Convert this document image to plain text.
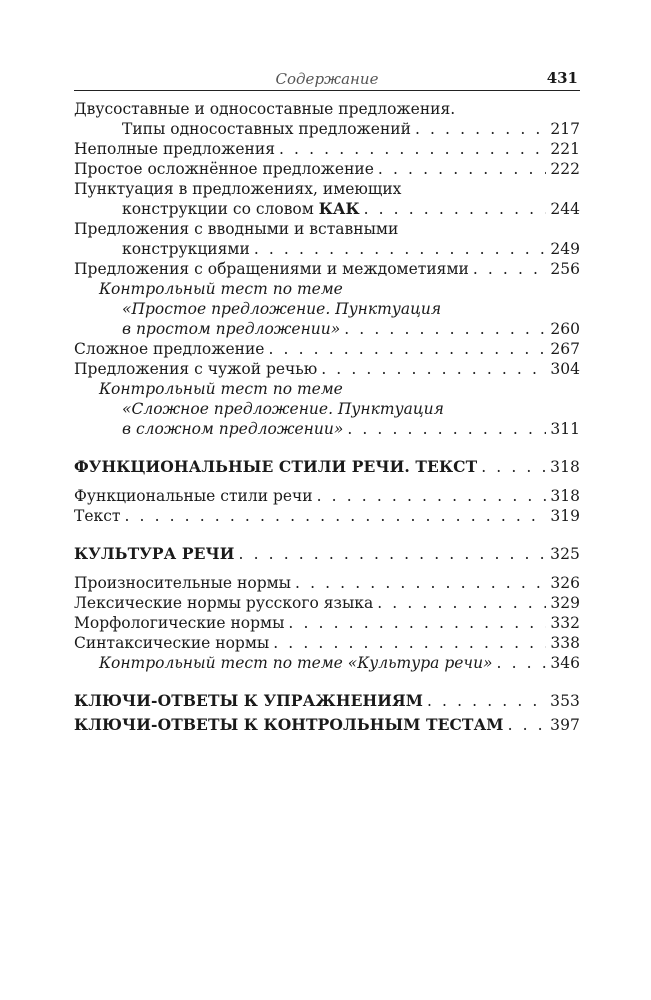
Содержание	431
Двусоставные и односоставные предложения.
Типы односоставных предложений . . .	217
Неполные предложения . . .	221
Простое осложнённое предложение . . .	222
Пунктуация в предложениях, имеющих
конструкции со словом КАК . . .	244
Предложения с вводными и вставными
конструкциями . . .	249
Предложения с обращениями и междометиями . . .	256
Контрольный тест по теме
«Простое предложение. Пунктуация
в простом предложении» . . .	260
Сложное предложение . . .	267
Предложения с чужой речью . . .	304
Контрольный тест по теме
«Сложное предложение. Пунктуация
в сложном предложении» . . .	311
ФУНКЦИОНАЛЬНЫЕ СТИЛИ РЕЧИ. ТЕКСТ . . .	318
Функциональные стили речи . . .	318
Текст . . .	319
КУЛЬТУРА РЕЧИ . . .	325
Произносительные нормы . . .	326
Лексические нормы русского языка . . .	329
Морфологические нормы . . .	332
Синтаксические нормы . . .	338
Контрольный тест по теме «Культура речи» . . .	346
КЛЮЧИ-ОТВЕТЫ К УПРАЖНЕНИЯМ . . .	353
КЛЮЧИ-ОТВЕТЫ К КОНТРОЛЬНЫМ ТЕСТАМ . . .	397
